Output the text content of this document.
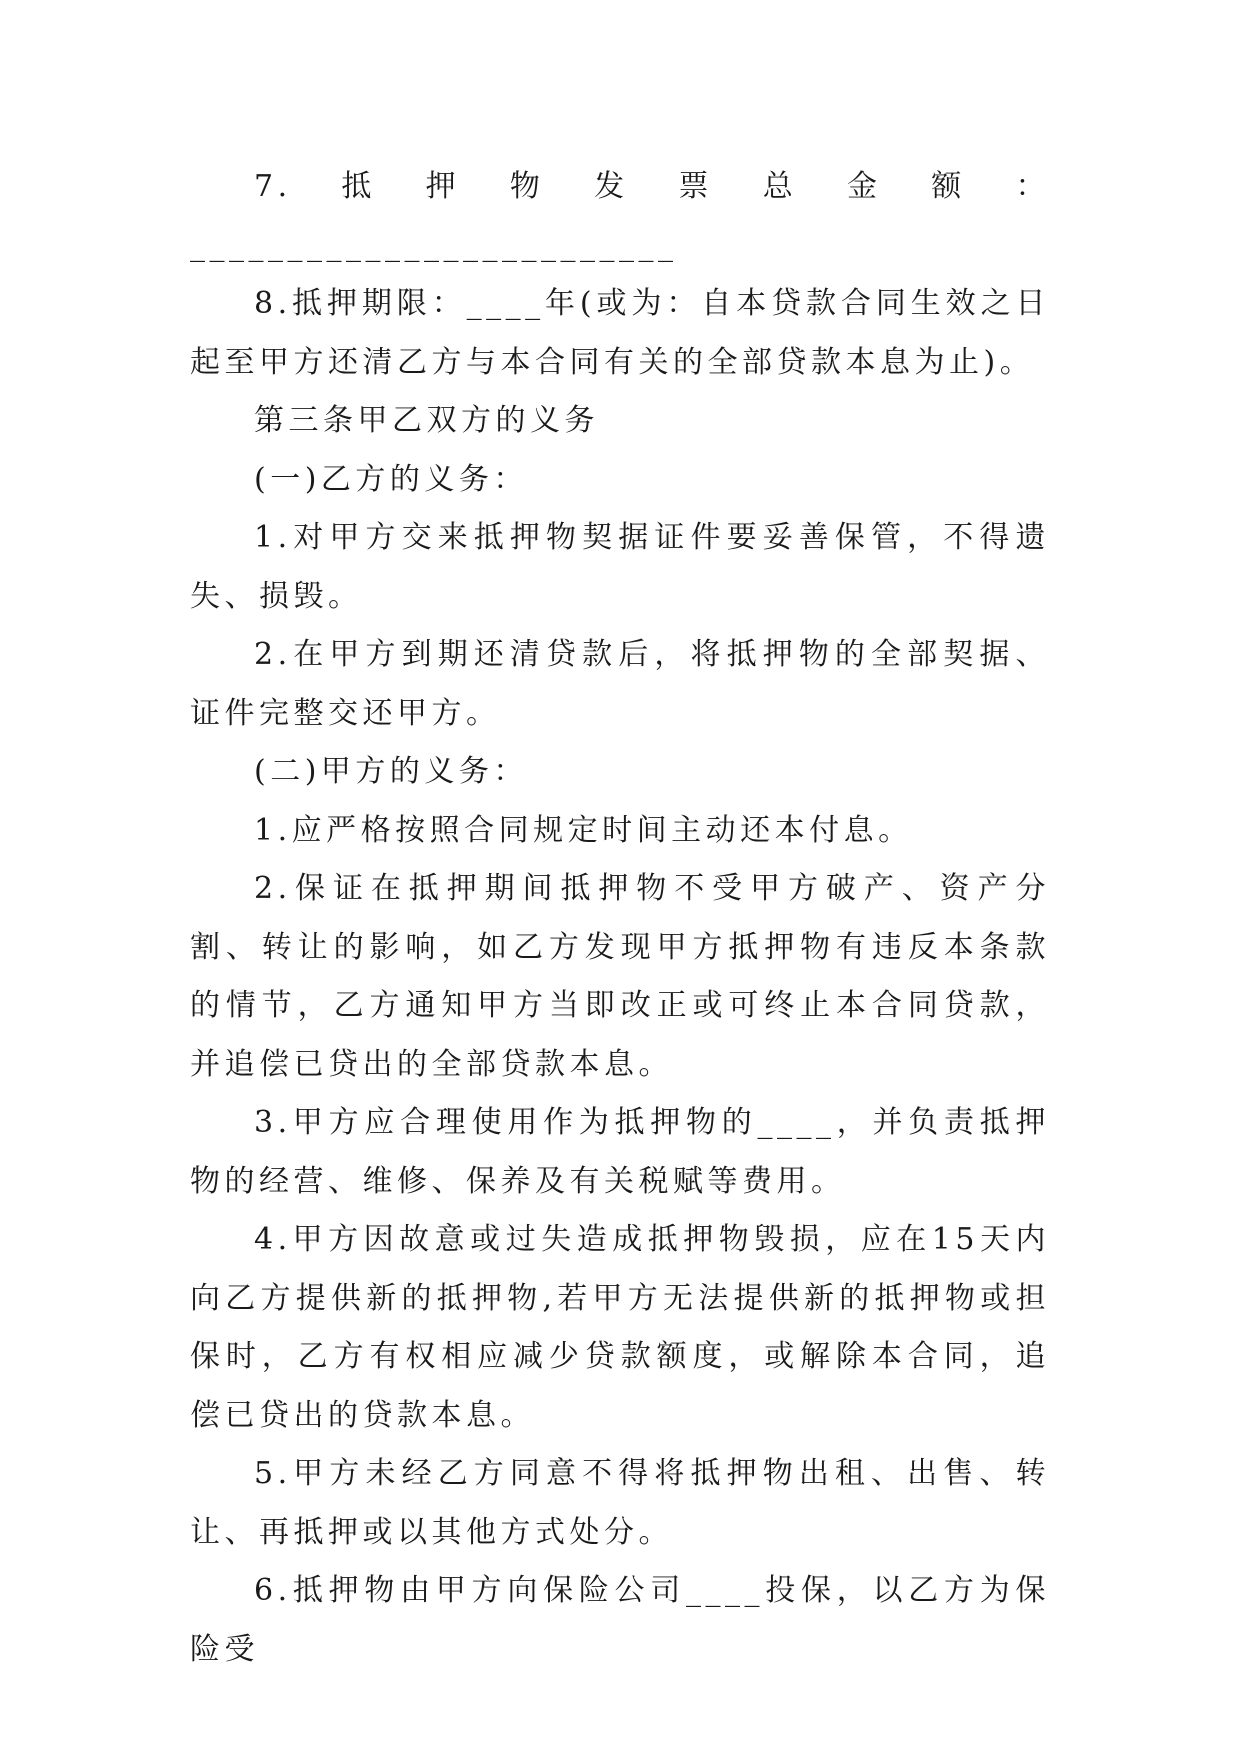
7.抵押物发票总金额：_________________________

8.抵押期限：____年(或为：自本贷款合同生效之日起至甲方还清乙方与本合同有关的全部贷款本息为止)。

第三条甲乙双方的义务

(一)乙方的义务：

1.对甲方交来抵押物契据证件要妥善保管，不得遗失、损毁。

2.在甲方到期还清贷款后，将抵押物的全部契据、证件完整交还甲方。

(二)甲方的义务：

1.应严格按照合同规定时间主动还本付息。

2.保证在抵押期间抵押物不受甲方破产、资产分割、转让的影响，如乙方发现甲方抵押物有违反本条款的情节，乙方通知甲方当即改正或可终止本合同贷款，并追偿已贷出的全部贷款本息。

3.甲方应合理使用作为抵押物的____，并负责抵押物的经营、维修、保养及有关税赋等费用。

4.甲方因故意或过失造成抵押物毁损，应在15天内向乙方提供新的抵押物,若甲方无法提供新的抵押物或担保时，乙方有权相应减少贷款额度，或解除本合同，追偿已贷出的贷款本息。

5.甲方未经乙方同意不得将抵押物出租、出售、转让、再抵押或以其他方式处分。

6.抵押物由甲方向保险公司____投保，以乙方为保险受
